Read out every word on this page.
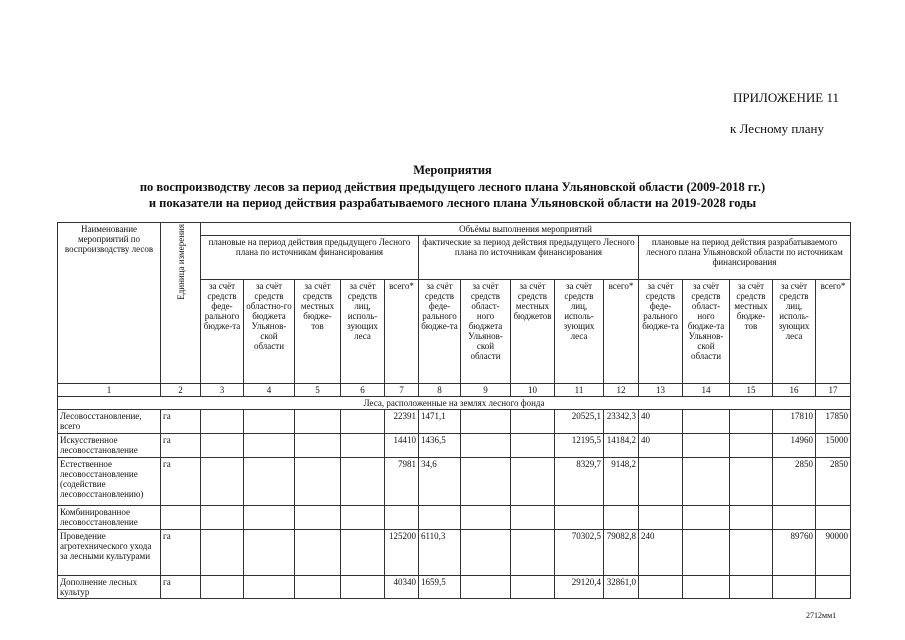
ПРИЛОЖЕНИЕ 11
к Лесному плану
Мероприятия
по воспроизводству лесов за период действия предыдущего лесного плана Ульяновской области (2009-2018 гг.)
и показатели на период действия разрабатываемого лесного плана Ульяновской области на 2019-2028 годы
Наименование мероприятий по воспроизводству лесов	Единица измерения	Объёмы выполнения мероприятий														
		плановые на период действия предыдущего Лесного плана по источникам финансирования					фактические за период действия предыдущего Лесного плана по источникам финансирования					плановые на период действия разрабатываемого лесного плана Ульяновской области по источникам финансирования				
		за счёт средств феде-рального бюдже-та	за счёт средств областно-го бюджета Ульянов-ской области	за счёт средств местных бюдже-тов	за счёт средств лиц, исполь-зующих леса	всего*	за счёт средств феде-рального бюдже-та	за счёт средств област-ного бюджета Ульянов-ской области	за счёт средств местных бюджетов	за счёт средств лиц, исполь-зующих леса	всего*	за счёт средств феде-рального бюдже-та	за счёт средств област-ного бюдже-та Ульянов-ской области	за счёт средств местных бюдже-тов	за счёт средств лиц, исполь-зующих леса	всего*
1	2	3	4	5	6	7	8	9	10	11	12	13	14	15	16	17
Леса, расположенные на землях лесного фонда																
Лесовосстановление, всего	га					22391	1471,1			20525,1	23342,3	40			17810	17850
Искусственное лесовосстановление	га					14410	1436,5			12195,5	14184,2	40			14960	15000
Естественное лесовосстановление (содействие лесовосстановлению)	га					7981	34,6			8329,7	9148,2				2850	2850
Комбинированное лесовосстановление																
Проведение агротехнического ухода за лесными культурами	га					125200	6110,3			70302,5	79082,8	240			89760	90000
Дополнение лесных культур	га					40340	1659,5			29120,4	32861,0					
2712мм1
